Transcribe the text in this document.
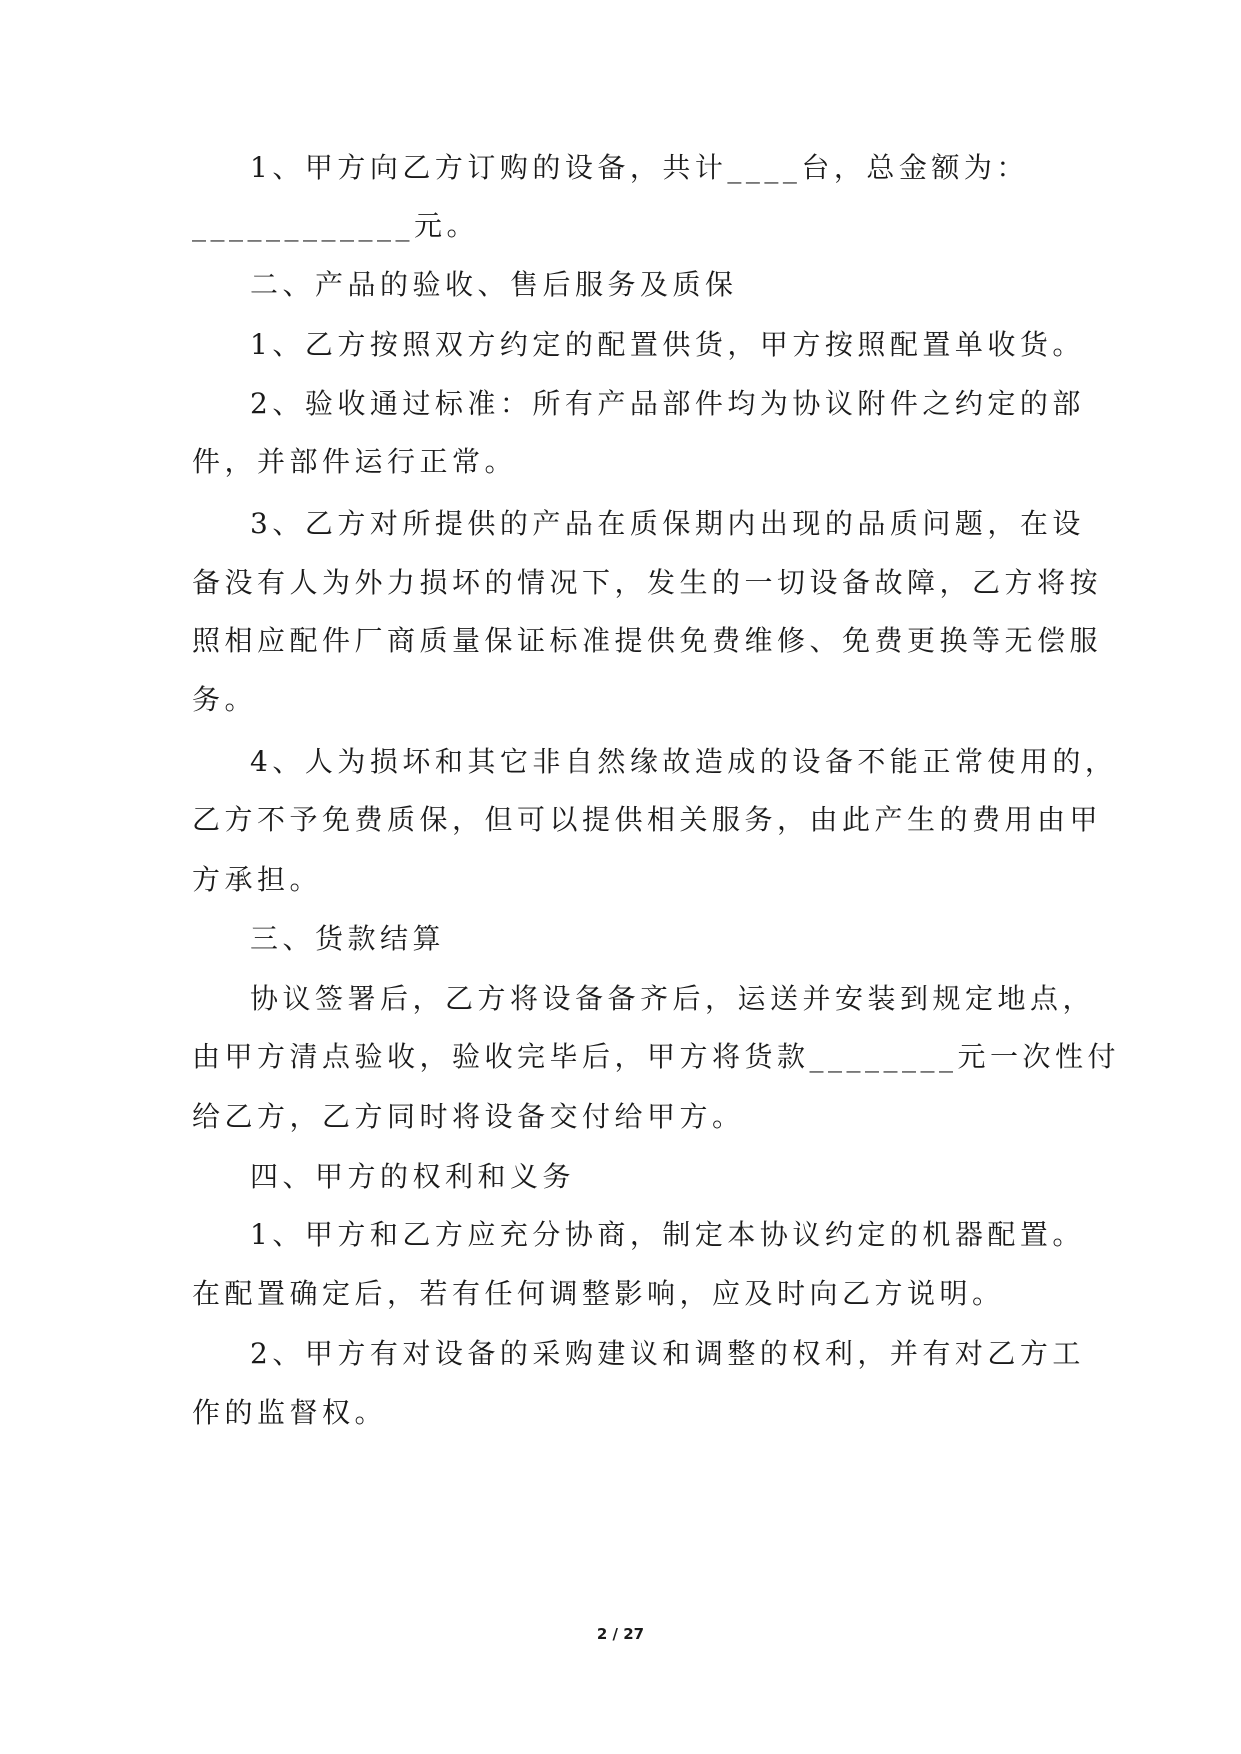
1、甲方向乙方订购的设备，共计____台，总金额为：
____________元。
二、产品的验收、售后服务及质保
1、乙方按照双方约定的配置供货，甲方按照配置单收货。
2、验收通过标准：所有产品部件均为协议附件之约定的部
件，并部件运行正常。
3、乙方对所提供的产品在质保期内出现的品质问题，在设
备没有人为外力损坏的情况下，发生的一切设备故障，乙方将按
照相应配件厂商质量保证标准提供免费维修、免费更换等无偿服
务。
4、人为损坏和其它非自然缘故造成的设备不能正常使用的，
乙方不予免费质保，但可以提供相关服务，由此产生的费用由甲
方承担。
三、货款结算
协议签署后，乙方将设备备齐后，运送并安装到规定地点，
由甲方清点验收，验收完毕后，甲方将货款________元一次性付
给乙方，乙方同时将设备交付给甲方。
四、甲方的权利和义务
1、甲方和乙方应充分协商，制定本协议约定的机器配置。
在配置确定后，若有任何调整影响，应及时向乙方说明。
2、甲方有对设备的采购建议和调整的权利，并有对乙方工
作的监督权。
2 / 27
